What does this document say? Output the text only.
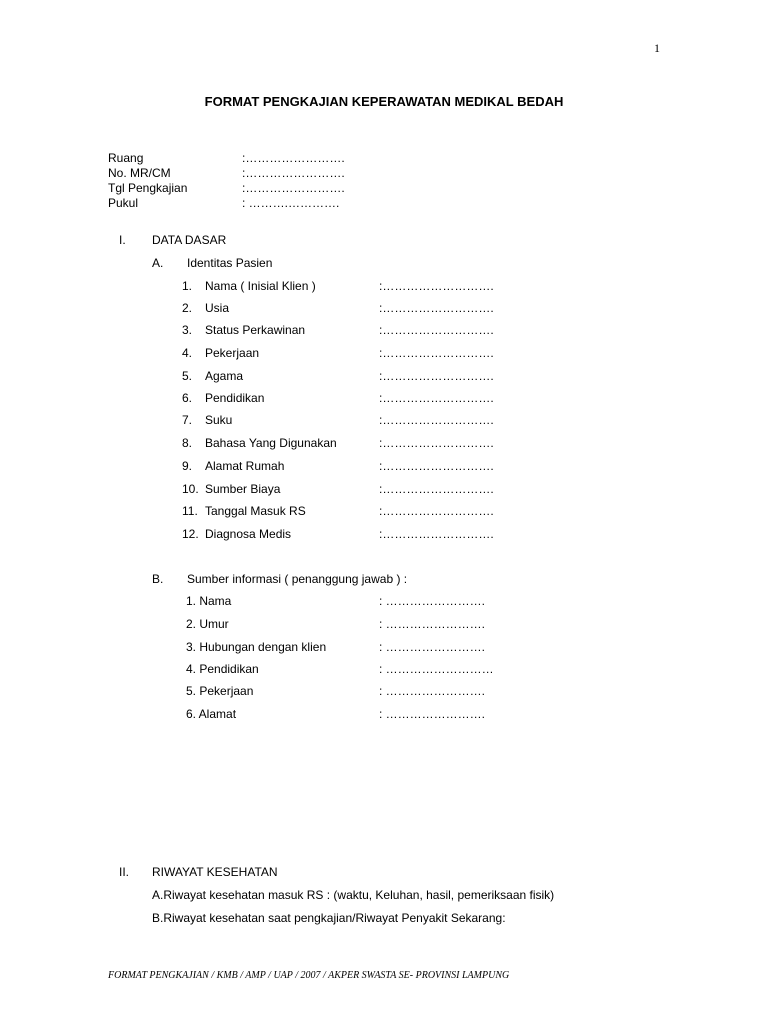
1
FORMAT PENGKAJIAN KEPERAWATAN MEDIKAL BEDAH
Ruang	:…………………….
No. MR/CM	:…………………….
Tgl Pengkajian	:…………………….
Pukul	: ……….………….
I. DATA DASAR
A. Identitas Pasien
1. Nama ( Inisial Klien )	:……………………….
2. Usia	:……………………….
3. Status Perkawinan	:……………………….
4. Pekerjaan	:……………………….
5. Agama	:……………………….
6. Pendidikan	:……………………….
7. Suku	:……………………….
8. Bahasa Yang Digunakan	:……………………….
9. Alamat Rumah	:……………………….
10. Sumber Biaya	:……………………….
11. Tanggal Masuk RS	:……………………….
12. Diagnosa Medis	:……………………….
B. Sumber informasi ( penanggung jawab ) :
1. Nama	: …………………….
2. Umur	: …………………….
3. Hubungan dengan klien	: …………………….
4. Pendidikan	: ………………………
5. Pekerjaan	: …………………….
6. Alamat	: …………………….
II. RIWAYAT KESEHATAN
A.Riwayat kesehatan masuk RS : (waktu, Keluhan, hasil, pemeriksaan fisik)
B.Riwayat kesehatan saat pengkajian/Riwayat Penyakit Sekarang:
FORMAT PENGKAJIAN / KMB / AMP / UAP / 2007 / AKPER SWASTA SE- PROVINSI LAMPUNG
